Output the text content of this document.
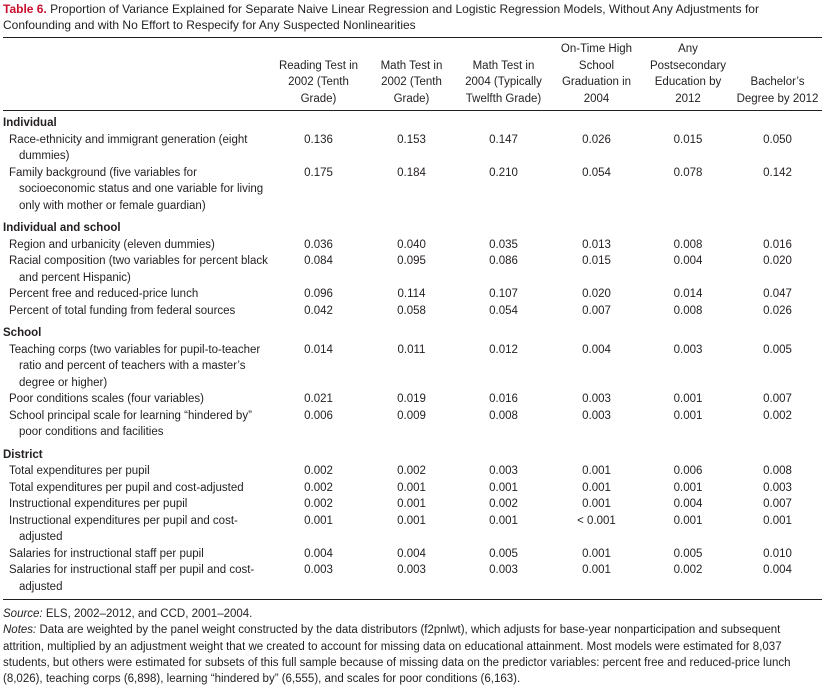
Table 6. Proportion of Variance Explained for Separate Naive Linear Regression and Logistic Regression Models, Without Any Adjustments for Confounding and with No Effort to Respecify for Any Suspected Nonlinearities
	Reading Test in 2002 (Tenth Grade)	Math Test in 2002 (Tenth Grade)	Math Test in 2004 (Typically Twelfth Grade)	On-Time High School Graduation in 2004	Any Postsecondary Education by 2012	Bachelor’s Degree by 2012
Individual						

Race-ethnicity and immigrant generation (eight dummies)	0.136	0.153	0.147	0.026	0.015	0.050

Family background (five variables for socioeconomic status and one variable for living only with mother or female guardian)	0.175	0.184	0.210	0.054	0.078	0.142
Individual and school						

Region and urbanicity (eleven dummies)	0.036	0.040	0.035	0.013	0.008	0.016

Racial composition (two variables for percent black and percent Hispanic)	0.084	0.095	0.086	0.015	0.004	0.020

Percent free and reduced-price lunch	0.096	0.114	0.107	0.020	0.014	0.047

Percent of total funding from federal sources	0.042	0.058	0.054	0.007	0.008	0.026
School						

Teaching corps (two variables for pupil-to-teacher ratio and percent of teachers with a master’s degree or higher)	0.014	0.011	0.012	0.004	0.003	0.005

Poor conditions scales (four variables)	0.021	0.019	0.016	0.003	0.001	0.007

School principal scale for learning “hindered by” poor conditions and facilities	0.006	0.009	0.008	0.003	0.001	0.002
District						

Total expenditures per pupil	0.002	0.002	0.003	0.001	0.006	0.008

Total expenditures per pupil and cost-adjusted	0.002	0.001	0.001	0.001	0.001	0.003

Instructional expenditures per pupil	0.002	0.001	0.002	0.001	0.004	0.007

Instructional expenditures per pupil and cost-adjusted	0.001	0.001	0.001	< 0.001	0.001	0.001

Salaries for instructional staff per pupil	0.004	0.004	0.005	0.001	0.005	0.010

Salaries for instructional staff per pupil and cost-adjusted	0.003	0.003	0.003	0.001	0.002	0.004

Source: ELS, 2002–2012, and CCD, 2001–2004.

Notes: Data are weighted by the panel weight constructed by the data distributors (f2pnlwt), which adjusts for base-year nonparticipation and subsequent attrition, multiplied by an adjustment weight that we created to account for missing data on educational attainment. Most models were estimated for 8,037 students, but others were estimated for subsets of this full sample because of missing data on the predictor variables: percent free and reduced-price lunch (8,026), teaching corps (6,898), learning “hindered by” (6,555), and scales for poor conditions (6,163).
